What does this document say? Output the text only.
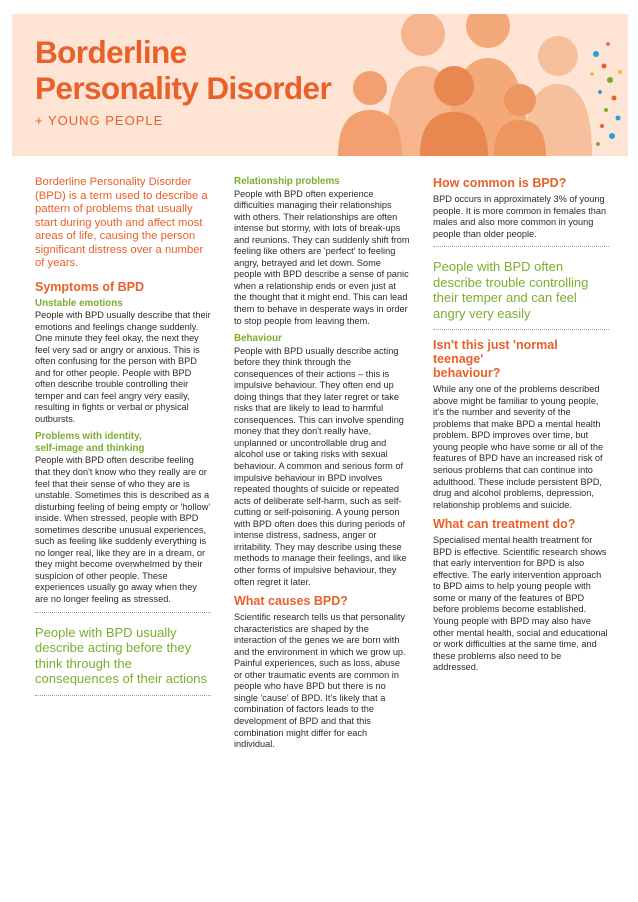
Borderline
Personality Disorder
+ YOUNG PEOPLE

Borderline Personality Disorder (BPD) is a term used to describe a pattern of problems that usually start during youth and affect most areas of life, causing the person significant distress over a number of years.

Symptoms of BPD
Unstable emotions

People with BPD usually describe that their emotions and feelings change suddenly. One minute they feel okay, the next they feel very sad or angry or anxious. This is often confusing for the person with BPD and for other people. People with BPD often describe trouble controlling their temper and can feel angry very easily, resulting in fights or verbal or physical outbursts.

Problems with identity,
self-image and thinking

People with BPD often describe feeling that they don't know who they really are or feel that their sense of who they are is unstable. Sometimes this is described as a disturbing feeling of being empty or 'hollow' inside. When stressed, people with BPD sometimes describe unusual experiences, such as feeling like suddenly everything is no longer real, like they are in a dream, or they might become overwhelmed by their suspicion of other people. These experiences usually go away when they are no longer feeling as stressed.

People with BPD usually describe acting before they think through the consequences of their actions

Relationship problems

People with BPD often experience difficulties managing their relationships with others. Their relationships are often intense but stormy, with lots of break-ups and reunions. They can suddenly shift from feeling like others are 'perfect' to feeling angry, betrayed and let down. Some people with BPD describe a sense of panic when a relationship ends or even just at the thought that it might end. This can lead them to behave in desperate ways in order to stop people from leaving them.

Behaviour

People with BPD usually describe acting before they think through the consequences of their actions – this is impulsive behaviour. They often end up doing things that they later regret or take risks that are likely to lead to harmful consequences. This can involve spending money that they don't really have, unplanned or uncontrollable drug and alcohol use or taking risks with sexual behaviour. A common and serious form of impulsive behaviour in BPD involves repeated thoughts of suicide or repeated acts of deliberate self-harm, such as self-cutting or self-poisoning. A young person with BPD often does this during periods of intense distress, sadness, anger or irritability. They may describe using these methods to manage their feelings, and like other forms of impulsive behaviour, they often regret it later.

What causes BPD?

Scientific research tells us that personality characteristics are shaped by the interaction of the genes we are born with and the environment in which we grow up. Painful experiences, such as loss, abuse or other traumatic events are common in people who have BPD but there is no single 'cause' of BPD. It's likely that a combination of factors leads to the development of BPD and that this combination might differ for each individual.

How common is BPD?

BPD occurs in approximately 3% of young people. It is more common in females than males and also more common in young people than older people.

People with BPD often describe trouble controlling their temper and can feel angry very easily

Isn't this just 'normal teenage'
behaviour?

While any one of the problems described above might be familiar to young people, it's the number and severity of the problems that make BPD a mental health problem. BPD improves over time, but young people who have some or all of the features of BPD have an increased risk of serious problems that can continue into adulthood. These include persistent BPD, drug and alcohol problems, depression, relationship problems and suicide.

What can treatment do?

Specialised mental health treatment for BPD is effective. Scientific research shows that early intervention for BPD is also effective. The early intervention approach to BPD aims to help young people with some or many of the features of BPD before problems become established. Young people with BPD may also have other mental health, social and educational or work difficulties at the same time, and these problems also need to be addressed.
